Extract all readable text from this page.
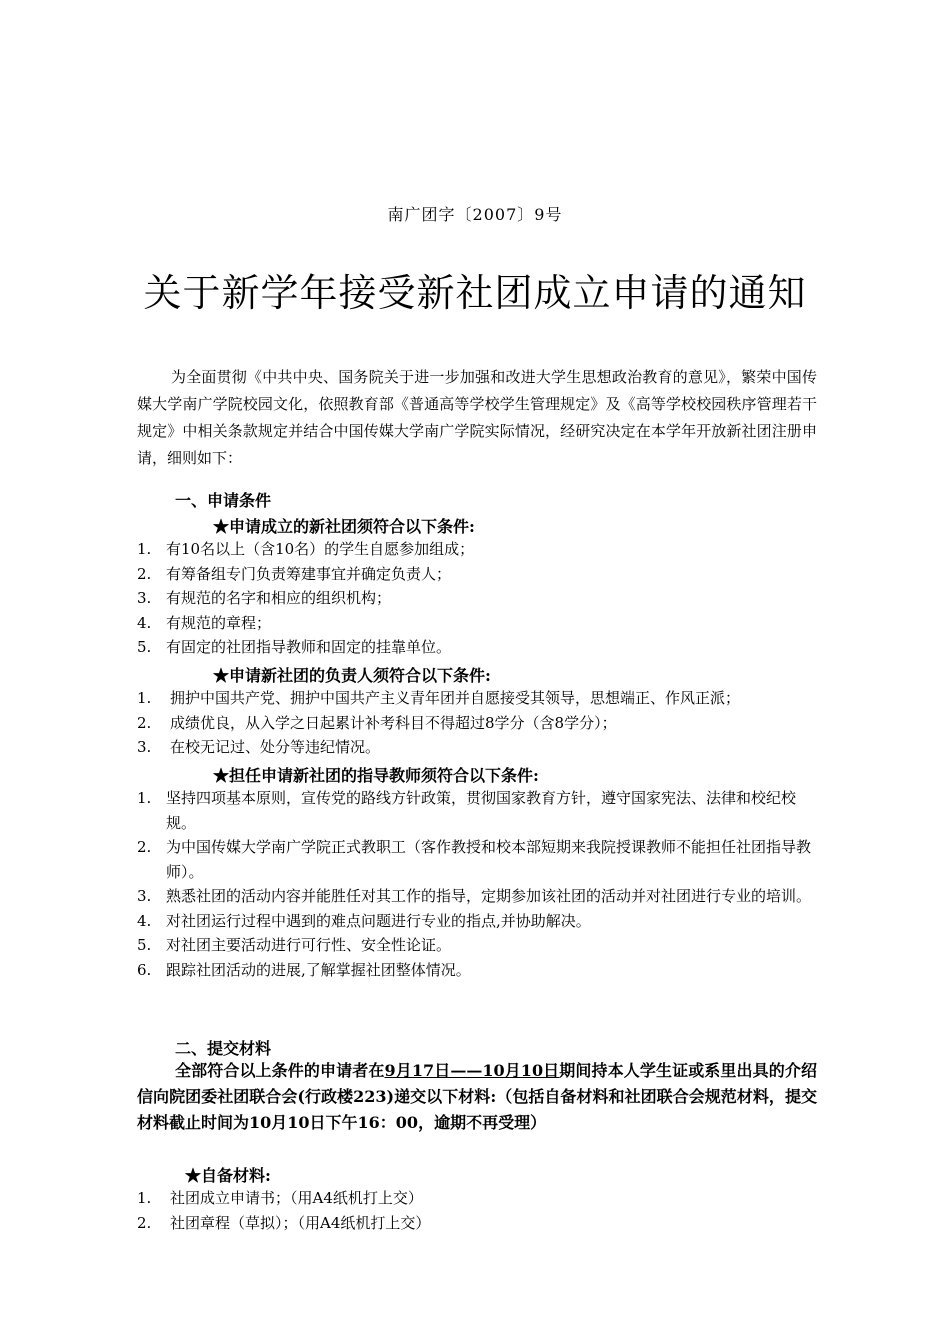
南广团字〔2007〕9号
关于新学年接受新社团成立申请的通知

为全面贯彻《中共中央、国务院关于进一步加强和改进大学生思想政治教育的意见》，繁荣中国传媒大学南广学院校园文化，依照教育部《普通高等学校学生管理规定》及《高等学校校园秩序管理若干规定》中相关条款规定并结合中国传媒大学南广学院实际情况，经研究决定在本学年开放新社团注册申请，细则如下：

一、申请条件
★申请成立的新社团须符合以下条件:
1. 有10名以上（含10名）的学生自愿参加组成；
2. 有筹备组专门负责筹建事宜并确定负责人；
3. 有规范的名字和相应的组织机构；
4. 有规范的章程；
5. 有固定的社团指导教师和固定的挂靠单位。
★申请新社团的负责人须符合以下条件:
1. 拥护中国共产党、拥护中国共产主义青年团并自愿接受其领导，思想端正、作风正派；
2. 成绩优良，从入学之日起累计补考科目不得超过8学分（含8学分）；
3. 在校无记过、处分等违纪情况。
★担任申请新社团的指导教师须符合以下条件:
1. 坚持四项基本原则，宣传党的路线方针政策，贯彻国家教育方针，遵守国家宪法、法律和校纪校规。
2. 为中国传媒大学南广学院正式教职工（客作教授和校本部短期来我院授课教师不能担任社团指导教师）。
3. 熟悉社团的活动内容并能胜任对其工作的指导，定期参加该社团的活动并对社团进行专业的培训。
4. 对社团运行过程中遇到的难点问题进行专业的指点,并协助解决。
5. 对社团主要活动进行可行性、安全性论证。
6. 跟踪社团活动的进展,了解掌握社团整体情况。
二、提交材料

全部符合以上条件的申请者在9月17日——10月10日期间持本人学生证或系里出具的介绍信向院团委社团联合会(行政楼223)递交以下材料:（包括自备材料和社团联合会规范材料，提交材料截止时间为10月10日下午16：00，逾期不再受理）

★自备材料:
1. 社团成立申请书；（用A4纸机打上交）
2. 社团章程（草拟）；（用A4纸机打上交）
